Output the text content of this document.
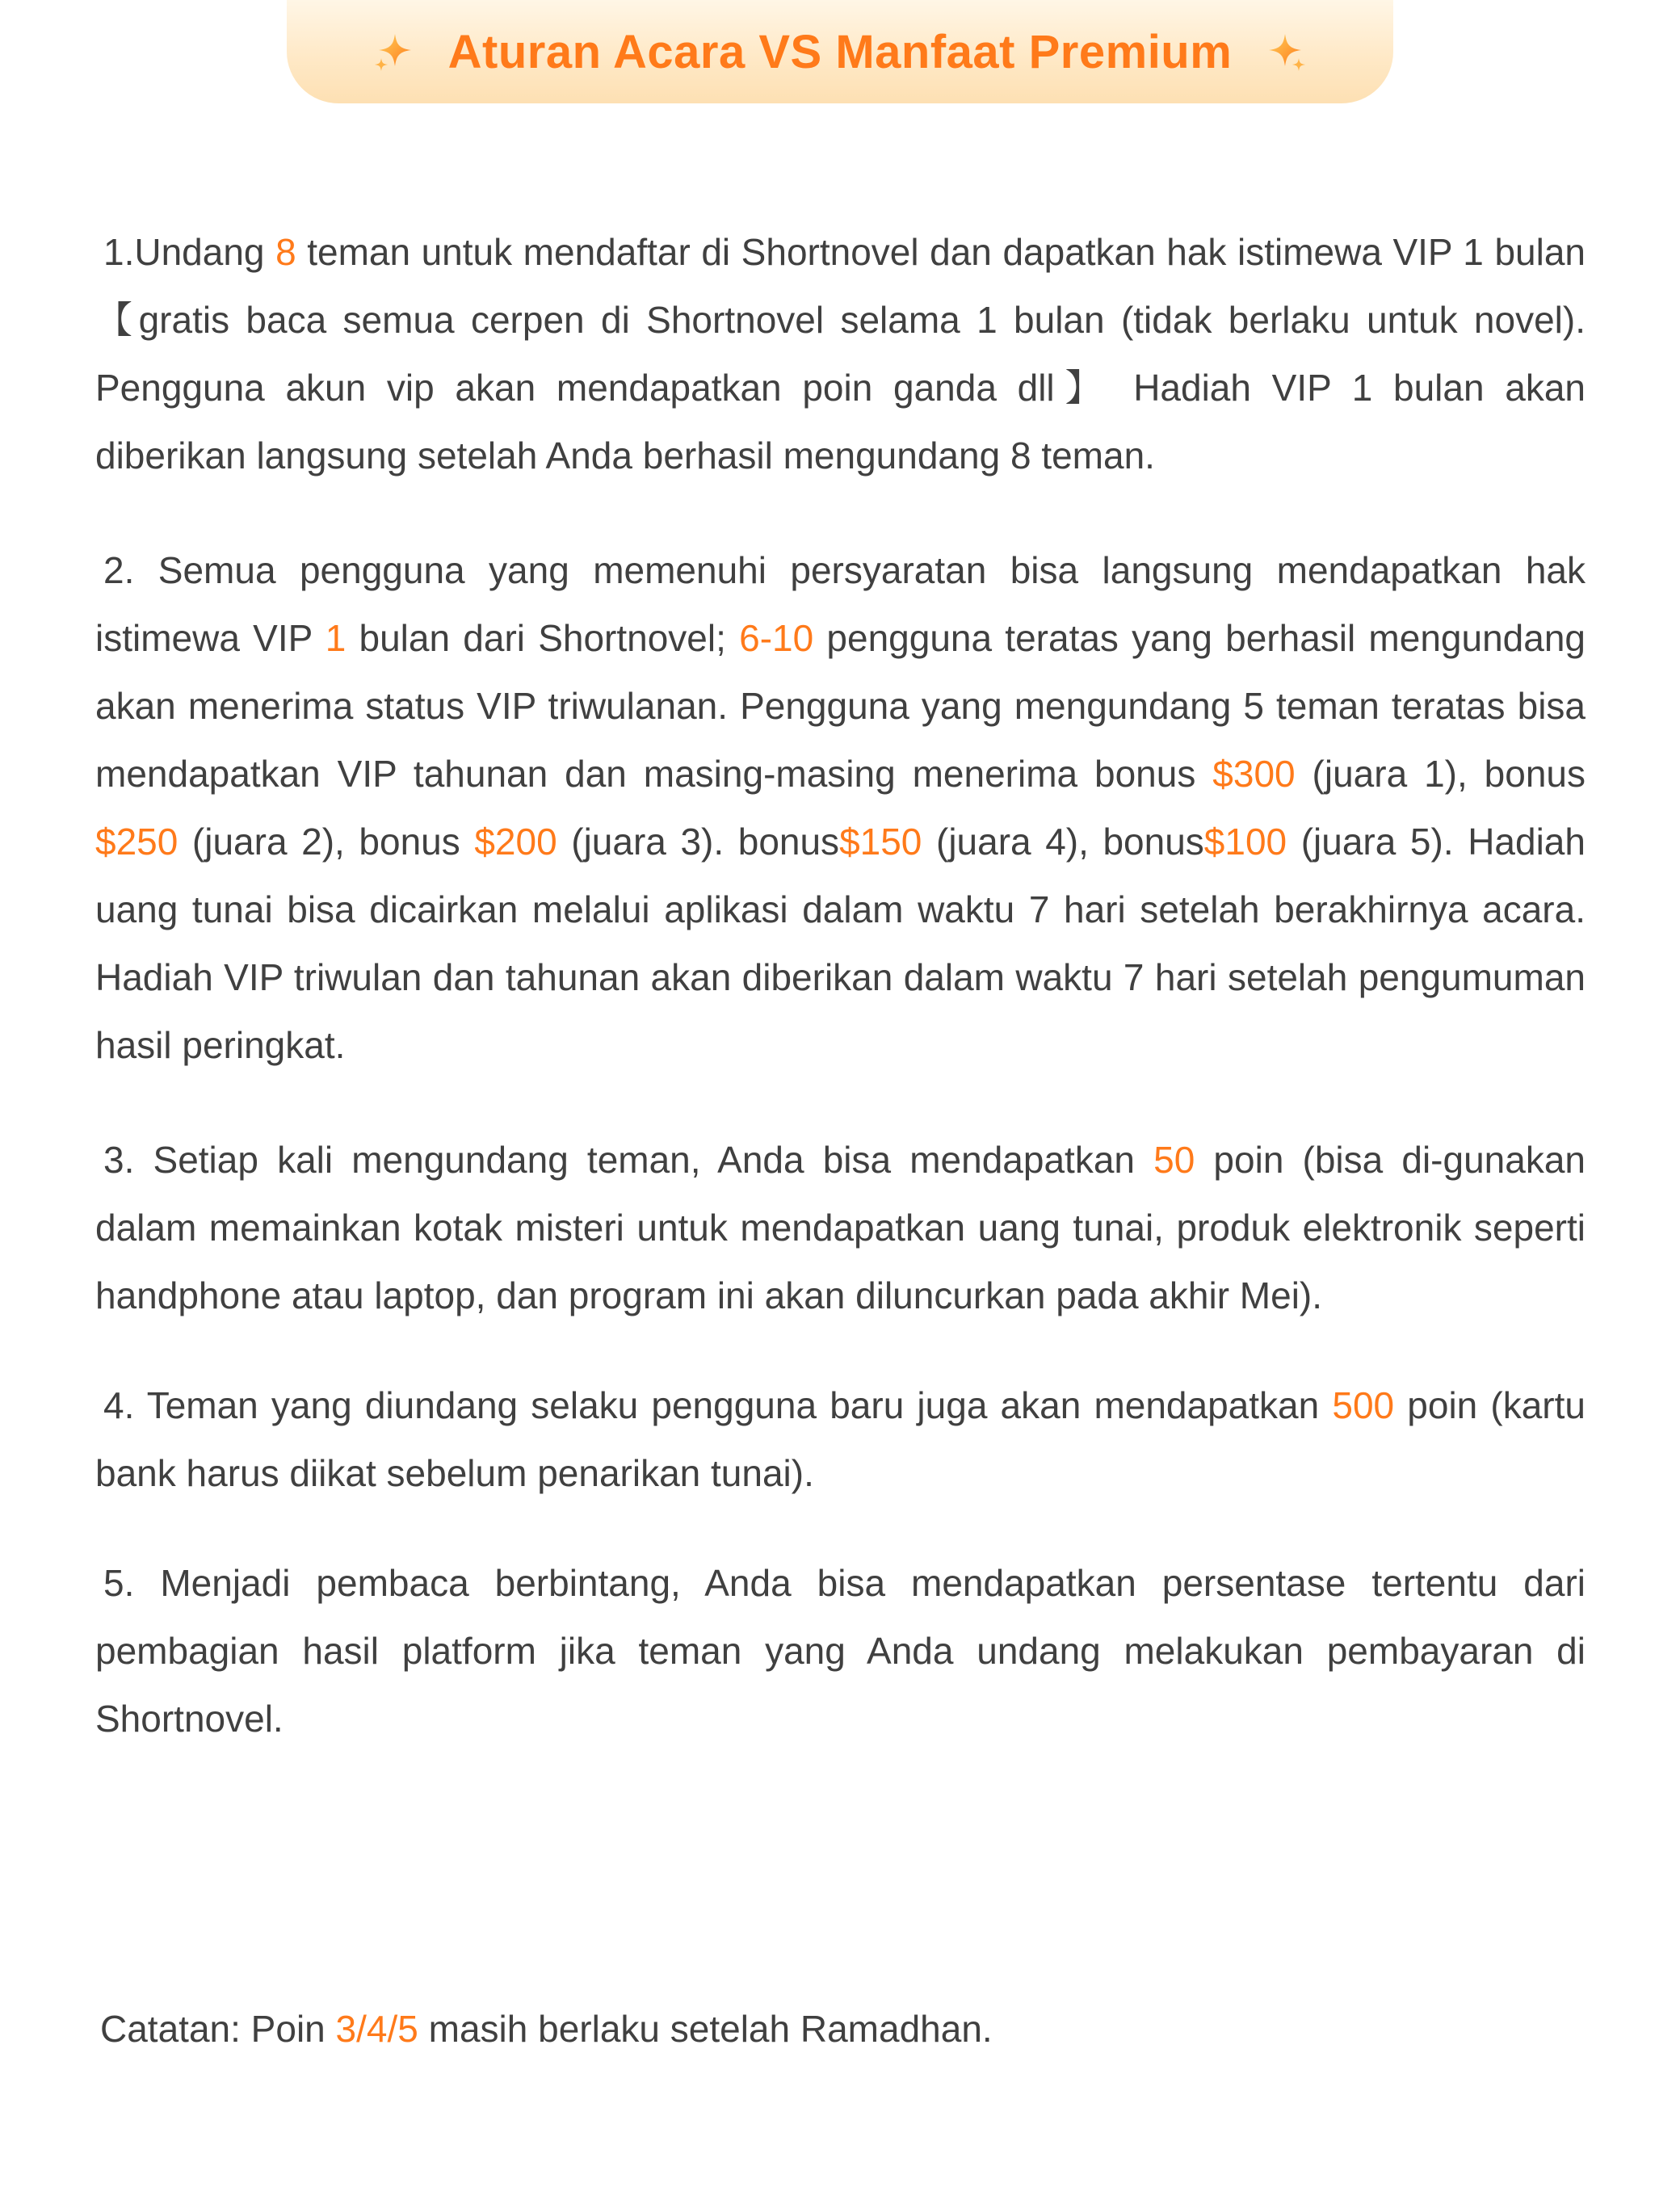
Aturan Acara VS Manfaat Premium

1.Undang 8 teman untuk mendaftar di Shortnovel dan dapatkan hak istimewa VIP 1 bulan 【gratis baca semua cerpen di Shortnovel selama 1 bulan (tidak berlaku untuk novel). Pengguna akun vip akan mendapatkan poin ganda dll】 Hadiah VIP 1 bulan akan diberikan langsung setelah Anda berhasil mengundang 8 teman.

2. Semua pengguna yang memenuhi persyaratan bisa langsung mendapatkan hak istimewa VIP 1 bulan dari Shortnovel; 6-10 pengguna teratas yang berhasil mengundang akan menerima status VIP triwulanan. Pengguna yang mengundang 5 teman teratas bisa mendapatkan VIP tahunan dan masing-masing menerima bonus $300 (juara 1), bonus $250 (juara 2), bonus $200 (juara 3). bonus$150 (juara 4), bonus$100 (juara 5). Hadiah uang tunai bisa dicairkan melalui aplikasi dalam waktu 7 hari setelah berakhirnya acara. Hadiah VIP triwulan dan tahunan akan diberikan dalam waktu 7 hari setelah pengumuman hasil peringkat.

3. Setiap kali mengundang teman, Anda bisa mendapatkan 50 poin (bisa di-gunakan dalam memainkan kotak misteri untuk mendapatkan uang tunai, produk elektronik seperti handphone atau laptop, dan program ini akan diluncurkan pada akhir Mei).

4. Teman yang diundang selaku pengguna baru juga akan mendapatkan 500 poin (kartu bank harus diikat sebelum penarikan tunai).

5. Menjadi pembaca berbintang, Anda bisa mendapatkan persentase tertentu dari pembagian hasil platform jika teman yang Anda undang melakukan pembayaran di Shortnovel.

Catatan: Poin 3/4/5 masih berlaku setelah Ramadhan.
